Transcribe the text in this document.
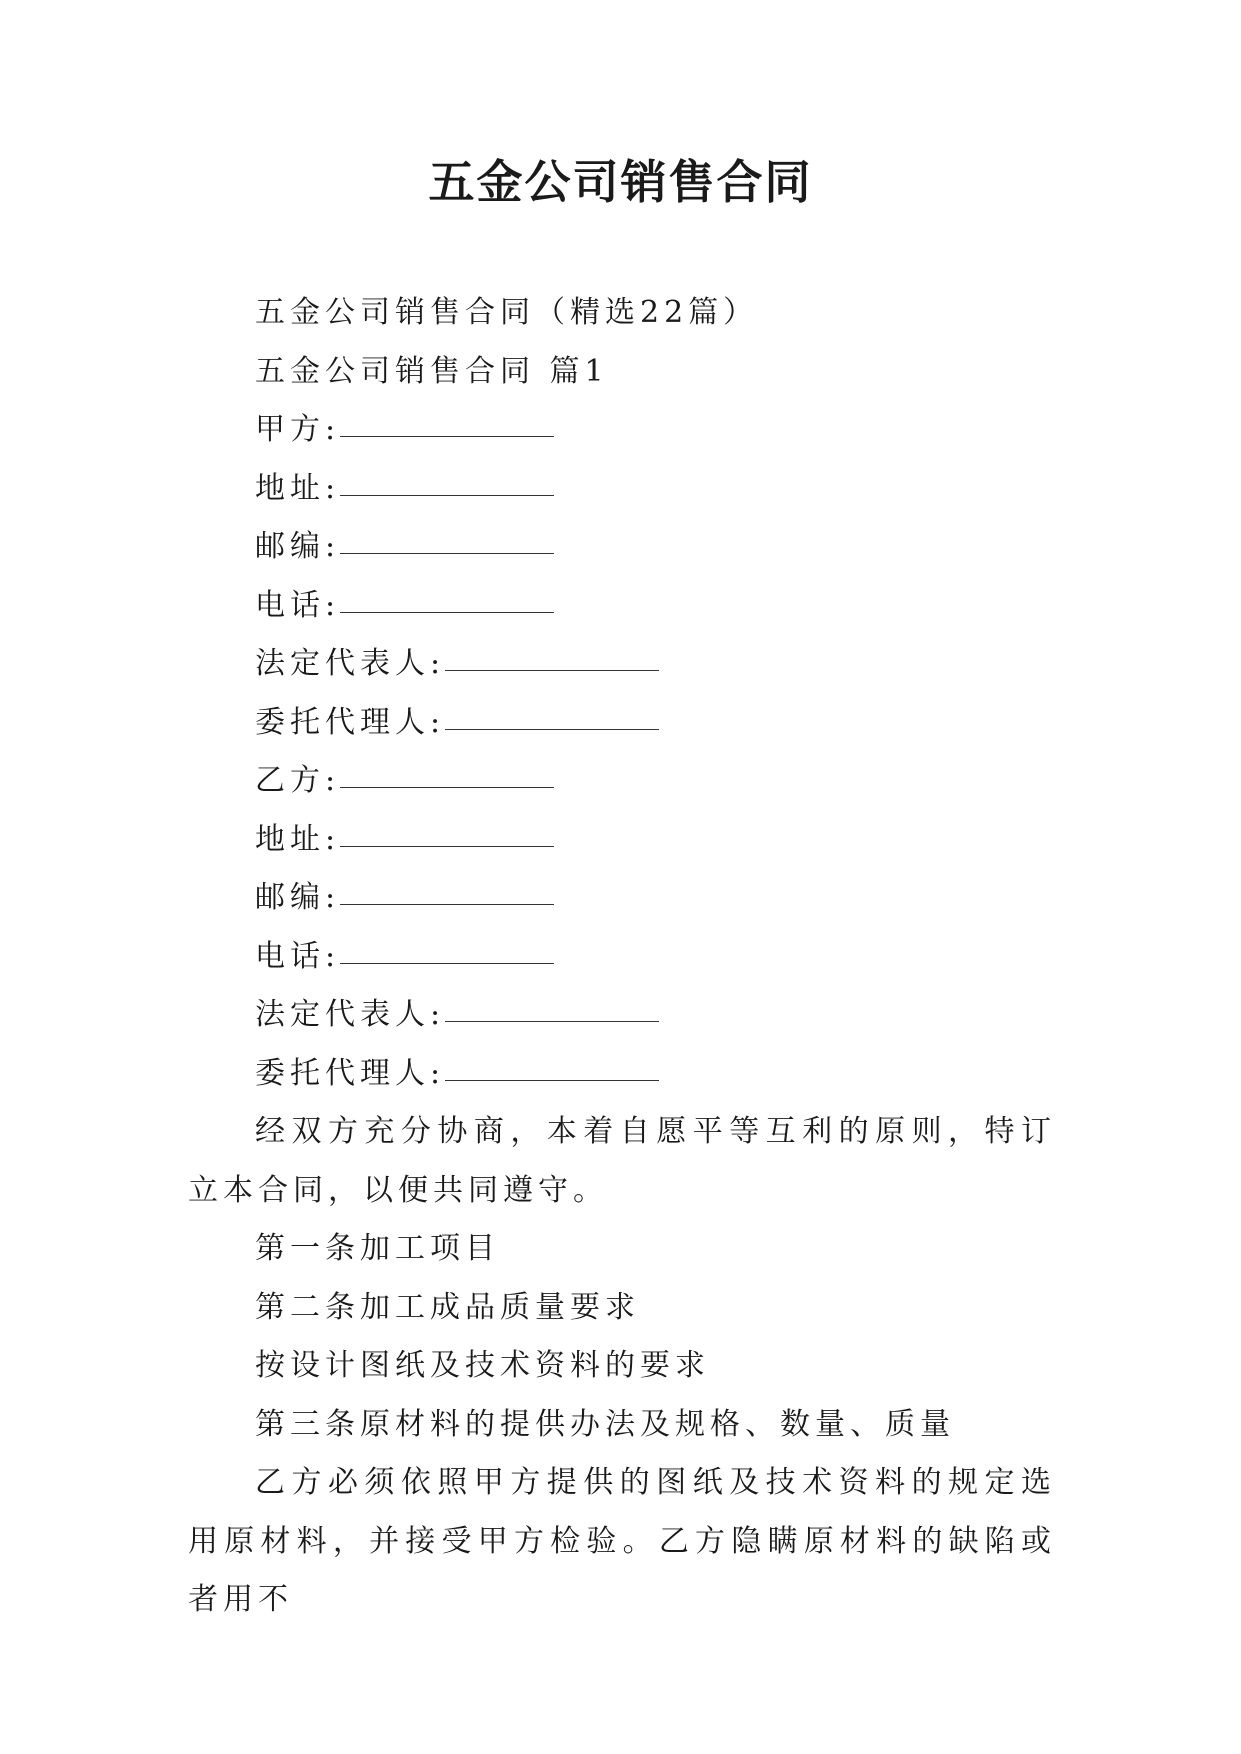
五金公司销售合同

五金公司销售合同（精选22篇）

五金公司销售合同 篇1

甲方:

地址:

邮编:

电话:

法定代表人:

委托代理人:

乙方:

地址:

邮编:

电话:

法定代表人:

委托代理人:

经双方充分协商，本着自愿平等互利的原则，特订立本合同，以便共同遵守。

第一条加工项目

第二条加工成品质量要求

按设计图纸及技术资料的要求

第三条原材料的提供办法及规格、数量、质量

乙方必须依照甲方提供的图纸及技术资料的规定选用原材料，并接受甲方检验。乙方隐瞒原材料的缺陷或者用不
